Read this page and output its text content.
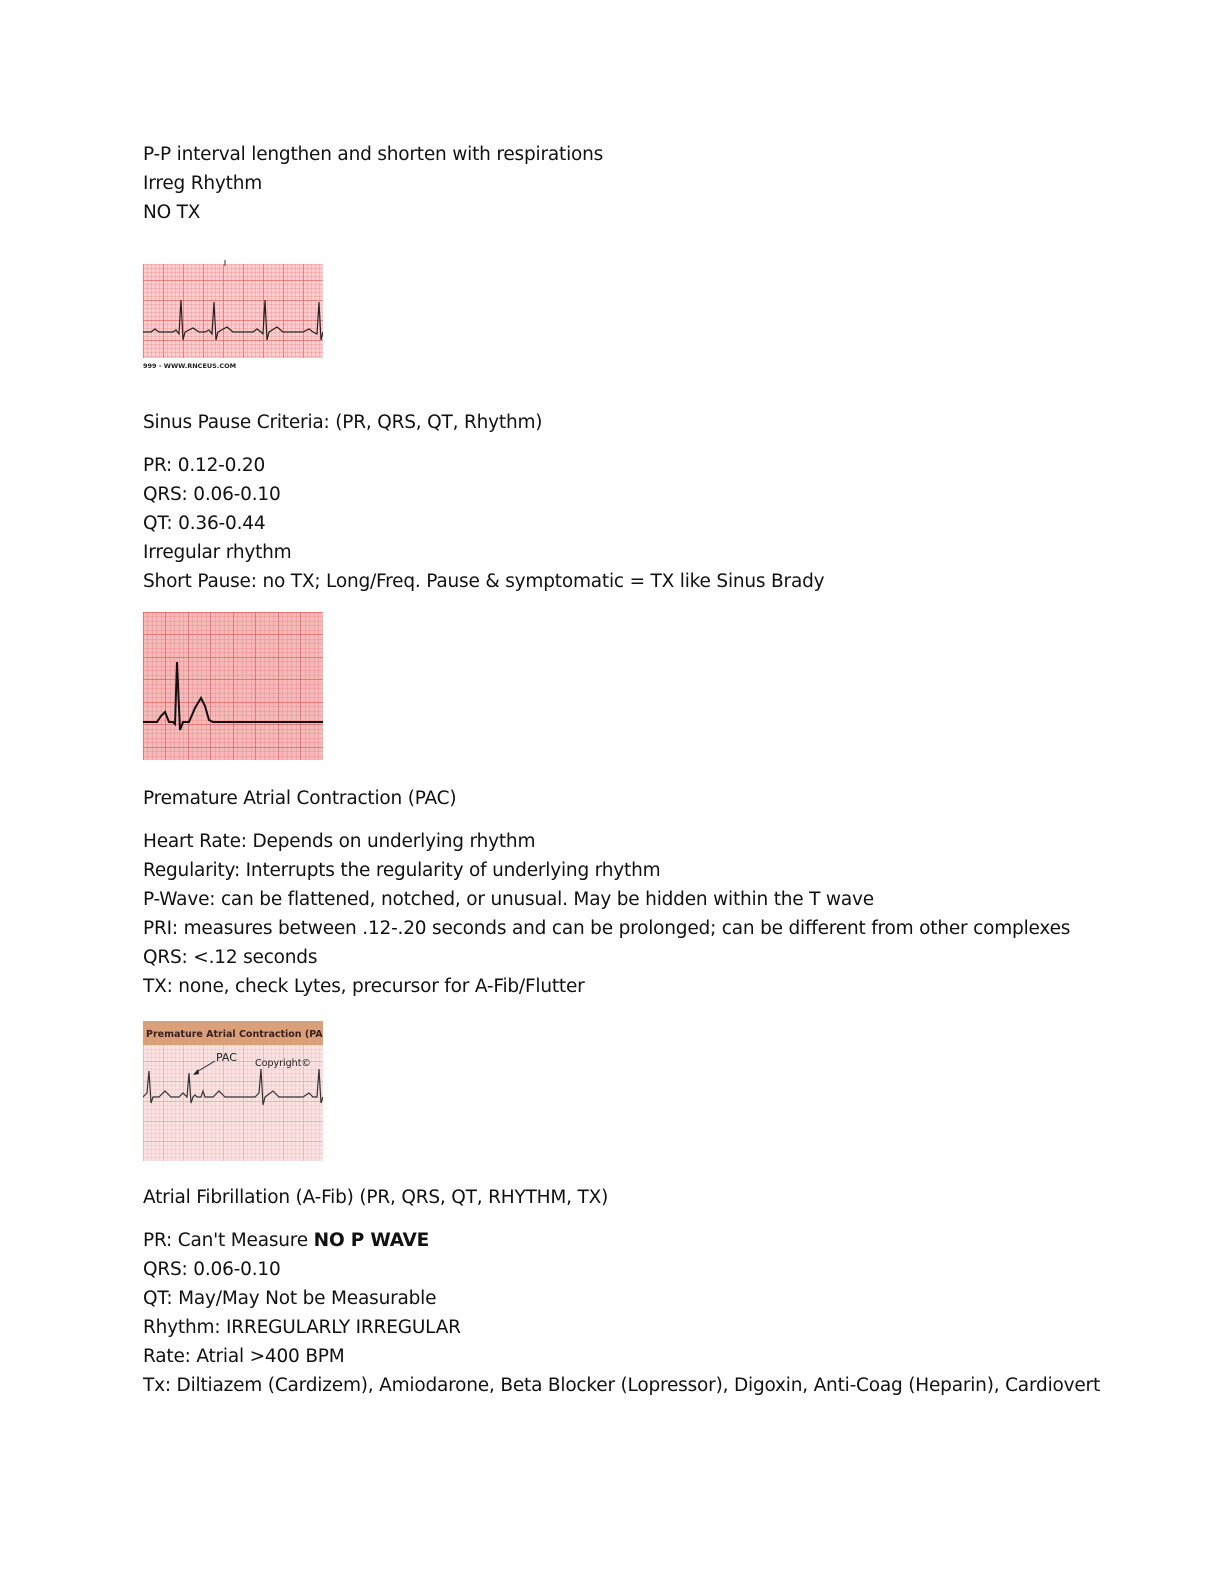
P-P interval lengthen and shorten with respirations
Irreg Rhythm
NO TX
999 - WWW.RNCEUS.COM
Sinus Pause Criteria: (PR, QRS, QT, Rhythm)
PR: 0.12-0.20
QRS: 0.06-0.10
QT: 0.36-0.44
Irregular rhythm
Short Pause: no TX; Long/Freq. Pause & symptomatic = TX like Sinus Brady
Premature Atrial Contraction (PAC)
Heart Rate: Depends on underlying rhythm
Regularity: Interrupts the regularity of underlying rhythm
P-Wave: can be flattened, notched, or unusual. May be hidden within the T wave
PRI: measures between .12-.20 seconds and can be prolonged; can be different from other complexes
QRS: <.12 seconds
TX: none, check Lytes, precursor for A-Fib/Flutter
Premature Atrial Contraction (PA
PAC Copyright©
Atrial Fibrillation (A-Fib) (PR, QRS, QT, RHYTHM, TX)
PR: Can't Measure NO P WAVE
QRS: 0.06-0.10
QT: May/May Not be Measurable
Rhythm: IRREGULARLY IRREGULAR
Rate: Atrial >400 BPM
Tx: Diltiazem (Cardizem), Amiodarone, Beta Blocker (Lopressor), Digoxin, Anti-Coag (Heparin), Cardiovert
